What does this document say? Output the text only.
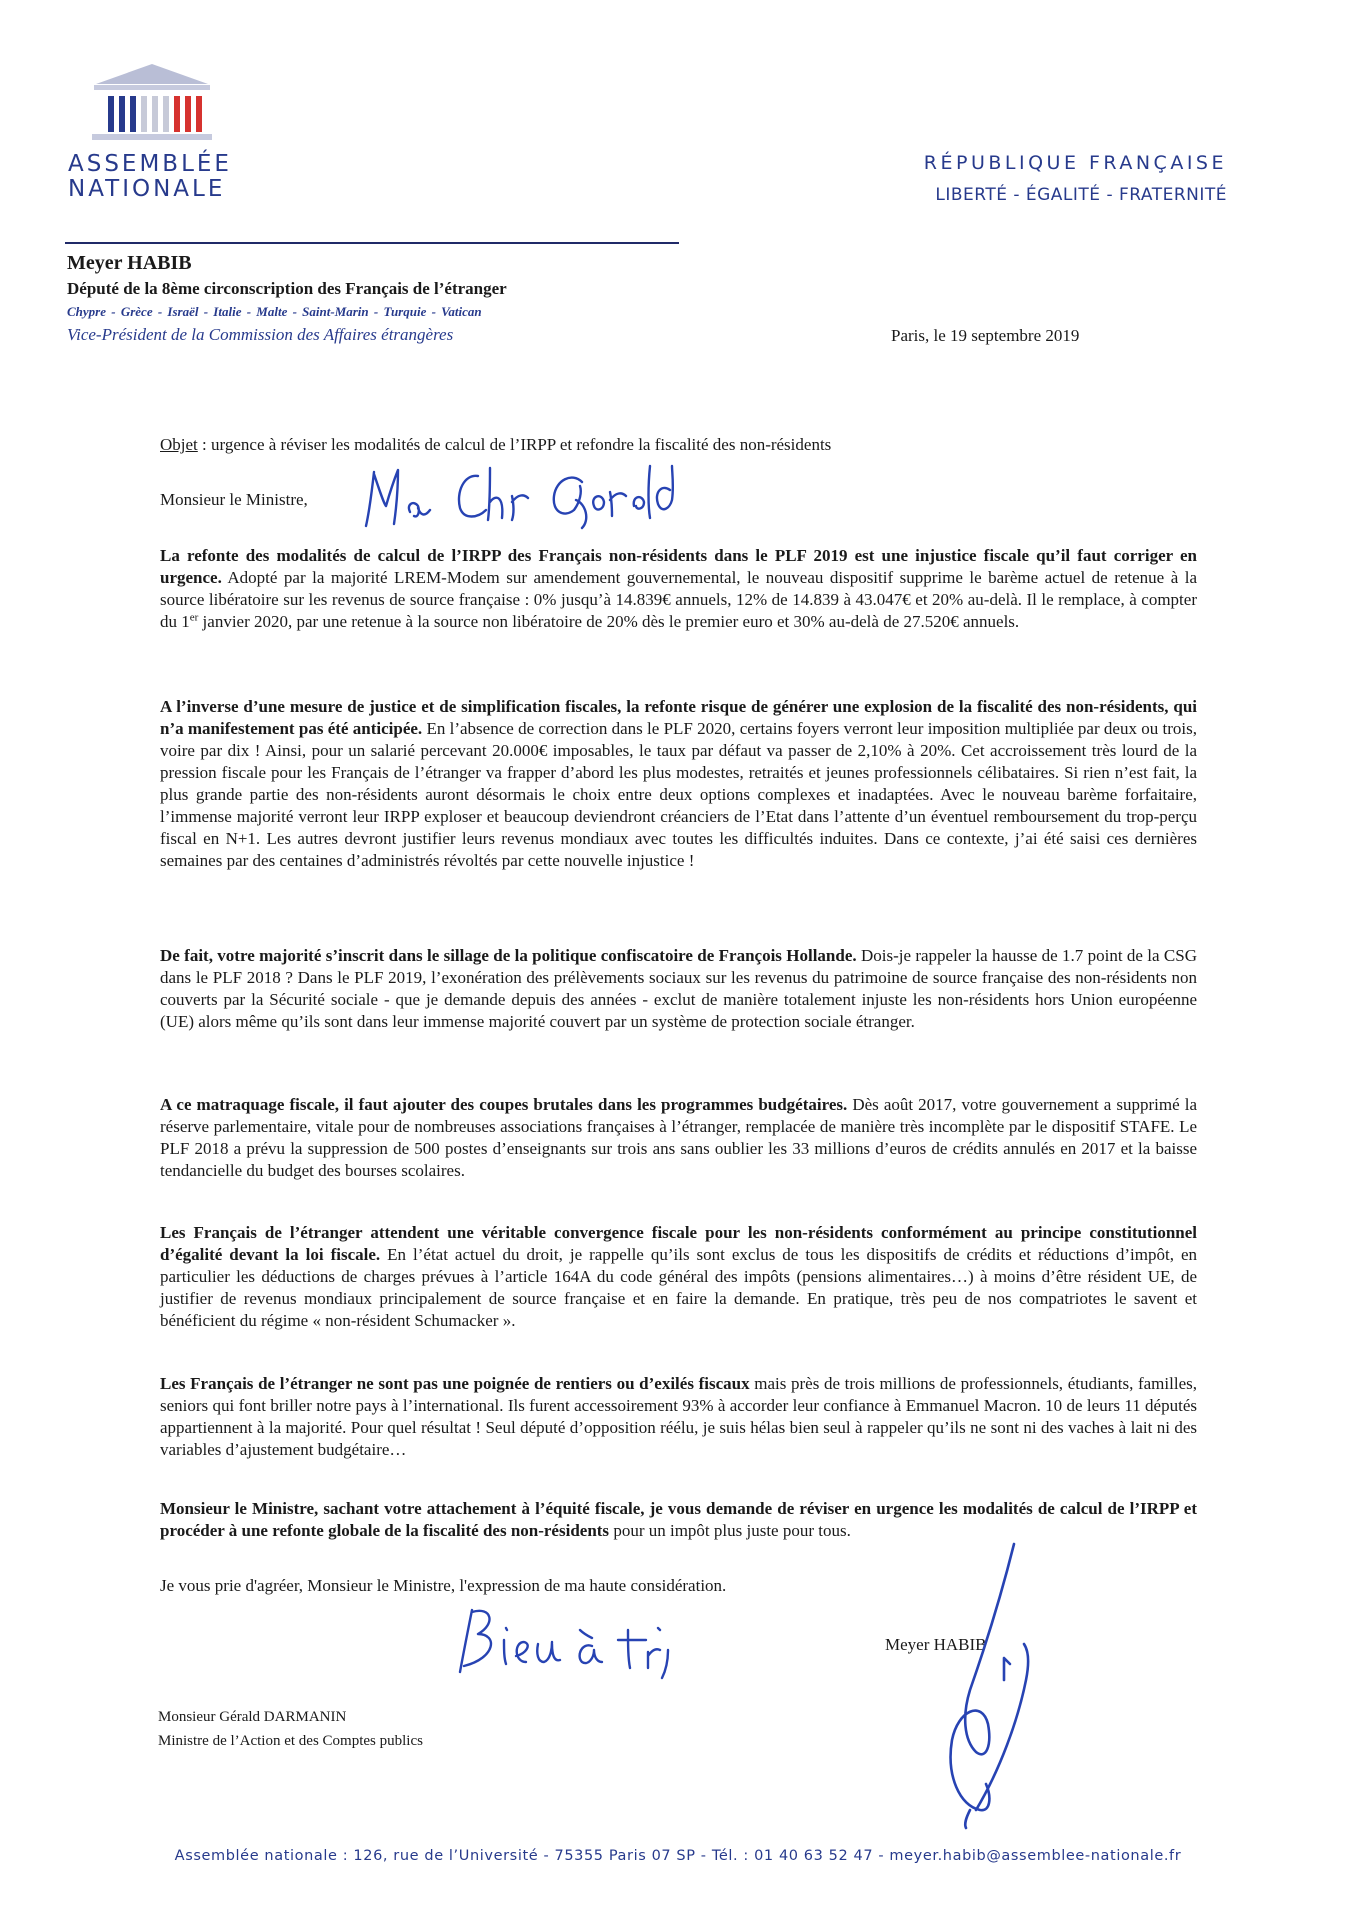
ASSEMBLÉE
NATIONALE
RÉPUBLIQUE FRANÇAISE
LIBERTÉ - ÉGALITÉ - FRATERNITÉ
Meyer HABIB
Député de la 8ème circonscription des Français de l’étranger
Chypre - Grèce - Israël - Italie - Malte - Saint-Marin - Turquie - Vatican
Vice-Président de la Commission des Affaires étrangères	Paris, le 19 septembre 2019

Objet : urgence à réviser les modalités de calcul de l’IRPP et refondre la fiscalité des non-résidents

Monsieur le Ministre,

La refonte des modalités de calcul de l’IRPP des Français non-résidents dans le PLF 2019 est une injustice fiscale qu’il faut corriger en urgence. Adopté par la majorité LREM-Modem sur amendement gouvernemental, le nouveau dispositif supprime le barème actuel de retenue à la source libératoire sur les revenus de source française : 0% jusqu’à 14.839€ annuels, 12% de 14.839 à 43.047€ et 20% au-delà. Il le remplace, à compter du 1er janvier 2020, par une retenue à la source non libératoire de 20% dès le premier euro et 30% au-delà de 27.520€ annuels.

A l’inverse d’une mesure de justice et de simplification fiscales, la refonte risque de générer une explosion de la fiscalité des non-résidents, qui n’a manifestement pas été anticipée. En l’absence de correction dans le PLF 2020, certains foyers verront leur imposition multipliée par deux ou trois, voire par dix ! Ainsi, pour un salarié percevant 20.000€ imposables, le taux par défaut va passer de 2,10% à 20%. Cet accroissement très lourd de la pression fiscale pour les Français de l’étranger va frapper d’abord les plus modestes, retraités et jeunes professionnels célibataires. Si rien n’est fait, la plus grande partie des non-résidents auront désormais le choix entre deux options complexes et inadaptées. Avec le nouveau barème forfaitaire, l’immense majorité verront leur IRPP exploser et beaucoup deviendront créanciers de l’Etat dans l’attente d’un éventuel remboursement du trop-perçu fiscal en N+1. Les autres devront justifier leurs revenus mondiaux avec toutes les difficultés induites. Dans ce contexte, j’ai été saisi ces dernières semaines par des centaines d’administrés révoltés par cette nouvelle injustice !

De fait, votre majorité s’inscrit dans le sillage de la politique confiscatoire de François Hollande. Dois-je rappeler la hausse de 1.7 point de la CSG dans le PLF 2018 ? Dans le PLF 2019, l’exonération des prélèvements sociaux sur les revenus du patrimoine de source française des non-résidents non couverts par la Sécurité sociale - que je demande depuis des années - exclut de manière totalement injuste les non-résidents hors Union européenne (UE) alors même qu’ils sont dans leur immense majorité couvert par un système de protection sociale étranger.

A ce matraquage fiscale, il faut ajouter des coupes brutales dans les programmes budgétaires. Dès août 2017, votre gouvernement a supprimé la réserve parlementaire, vitale pour de nombreuses associations françaises à l’étranger, remplacée de manière très incomplète par le dispositif STAFE. Le PLF 2018 a prévu la suppression de 500 postes d’enseignants sur trois ans sans oublier les 33 millions d’euros de crédits annulés en 2017 et la baisse tendancielle du budget des bourses scolaires.

Les Français de l’étranger attendent une véritable convergence fiscale pour les non-résidents conformément au principe constitutionnel d’égalité devant la loi fiscale. En l’état actuel du droit, je rappelle qu’ils sont exclus de tous les dispositifs de crédits et réductions d’impôt, en particulier les déductions de charges prévues à l’article 164A du code général des impôts (pensions alimentaires…) à moins d’être résident UE, de justifier de revenus mondiaux principalement de source française et en faire la demande. En pratique, très peu de nos compatriotes le savent et bénéficient du régime « non-résident Schumacker ».

Les Français de l’étranger ne sont pas une poignée de rentiers ou d’exilés fiscaux mais près de trois millions de professionnels, étudiants, familles, seniors qui font briller notre pays à l’international. Ils furent accessoirement 93% à accorder leur confiance à Emmanuel Macron. 10 de leurs 11 députés appartiennent à la majorité. Pour quel résultat ! Seul député d’opposition réélu, je suis hélas bien seul à rappeler qu’ils ne sont ni des vaches à lait ni des variables d’ajustement budgétaire…

Monsieur le Ministre, sachant votre attachement à l’équité fiscale, je vous demande de réviser en urgence les modalités de calcul de l’IRPP et procéder à une refonte globale de la fiscalité des non-résidents pour un impôt plus juste pour tous.

Je vous prie d'agréer, Monsieur le Ministre, l'expression de ma haute considération.
Meyer HABIB
Monsieur Gérald DARMANIN
Ministre de l’Action et des Comptes publics
Assemblée nationale : 126, rue de l’Université - 75355 Paris 07 SP - Tél. : 01 40 63 52 47 - meyer.habib@assemblee-nationale.fr
